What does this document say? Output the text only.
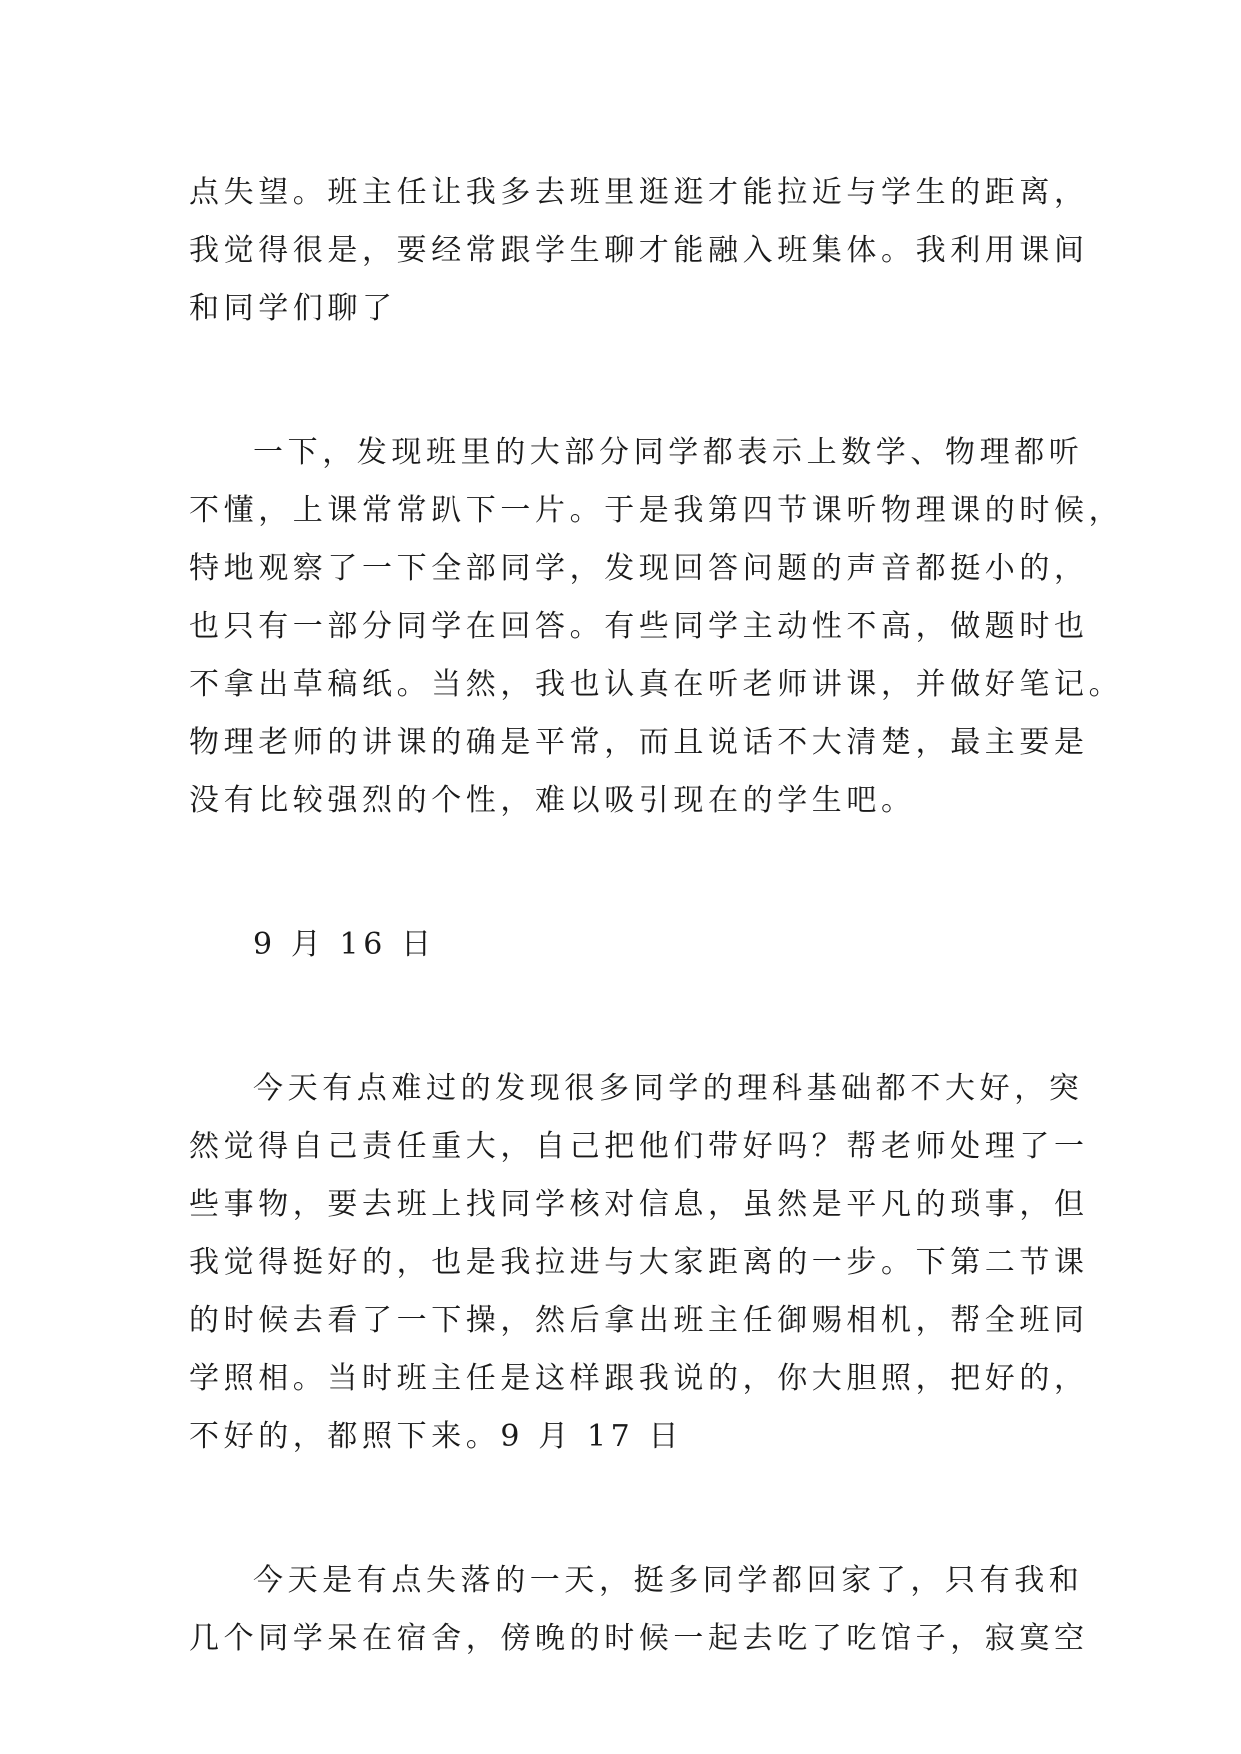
点失望。班主任让我多去班里逛逛才能拉近与学生的距离，
我觉得很是，要经常跟学生聊才能融入班集体。我利用课间
和同学们聊了
一下，发现班里的大部分同学都表示上数学、物理都听
不懂，上课常常趴下一片。于是我第四节课听物理课的时候，
特地观察了一下全部同学，发现回答问题的声音都挺小的，
也只有一部分同学在回答。有些同学主动性不高，做题时也
不拿出草稿纸。当然，我也认真在听老师讲课，并做好笔记。
物理老师的讲课的确是平常，而且说话不大清楚，最主要是
没有比较强烈的个性，难以吸引现在的学生吧。
9 月 16 日
今天有点难过的发现很多同学的理科基础都不大好，突
然觉得自己责任重大，自己把他们带好吗？帮老师处理了一
些事物，要去班上找同学核对信息，虽然是平凡的琐事，但
我觉得挺好的，也是我拉进与大家距离的一步。下第二节课
的时候去看了一下操，然后拿出班主任御赐相机，帮全班同
学照相。当时班主任是这样跟我说的，你大胆照，把好的，
不好的，都照下来。9 月 17 日
今天是有点失落的一天，挺多同学都回家了，只有我和
几个同学呆在宿舍，傍晚的时候一起去吃了吃馆子，寂寞空
